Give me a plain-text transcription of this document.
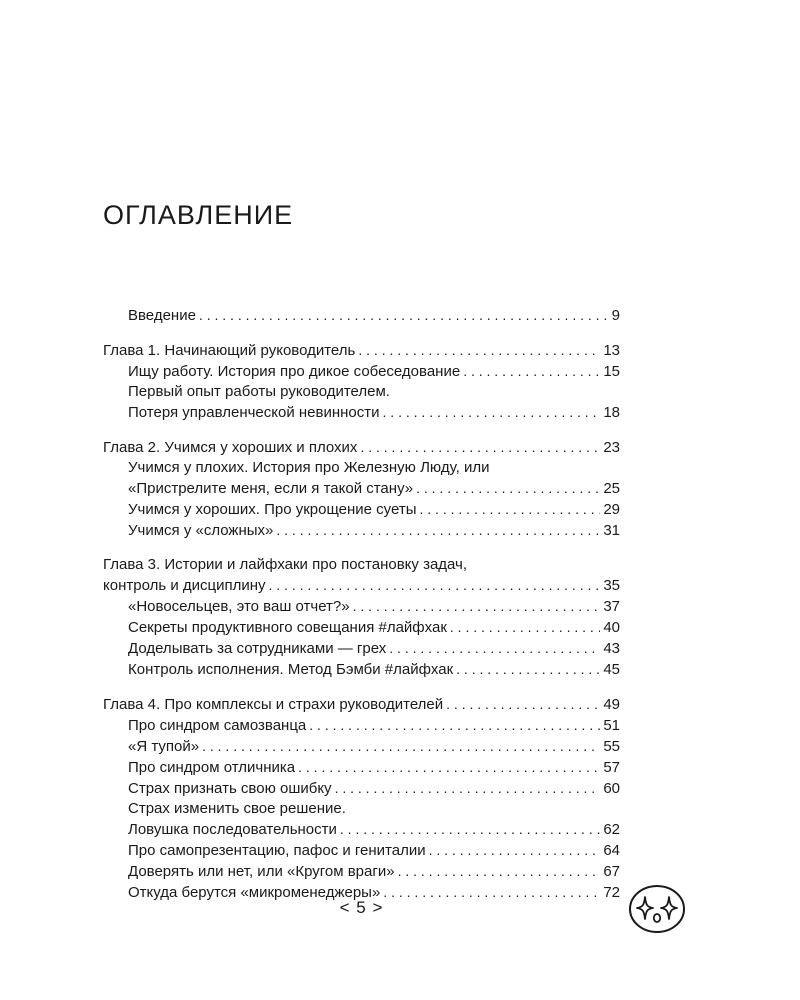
ОГЛАВЛЕНИЕ
Введение . . .	9
Глава 1. Начинающий руководитель . . .	13
Ищу работу. История про дикое собеседование . . .	15
Первый опыт работы руководителем.
Потеря управленческой невинности . . .	18
Глава 2. Учимся у хороших и плохих . . .	23
Учимся у плохих. История про Железную Люду, или
«Пристрелите меня, если я такой стану» . . .	25
Учимся у хороших. Про укрощение суеты . . .	29
Учимся у «сложных» . . .	31
Глава 3. Истории и лайфхаки про постановку задач,
контроль и дисциплину . . .	35
«Новосельцев, это ваш отчет?» . . .	37
Секреты продуктивного совещания #лайфхак . . .	40
Доделывать за сотрудниками — грех . . .	43
Контроль исполнения. Метод Бэмби #лайфхак . . .	45
Глава 4. Про комплексы и страхи руководителей . . .	49
Про синдром самозванца . . .	51
«Я тупой» . . .	55
Про синдром отличника . . .	57
Страх признать свою ошибку . . .	60
Страх изменить свое решение.
Ловушка последовательности . . .	62
Про самопрезентацию, пафос и гениталии . . .	64
Доверять или нет, или «Кругом враги» . . .	67
Откуда берутся «микроменеджеры» . . .	72
< 5 >
